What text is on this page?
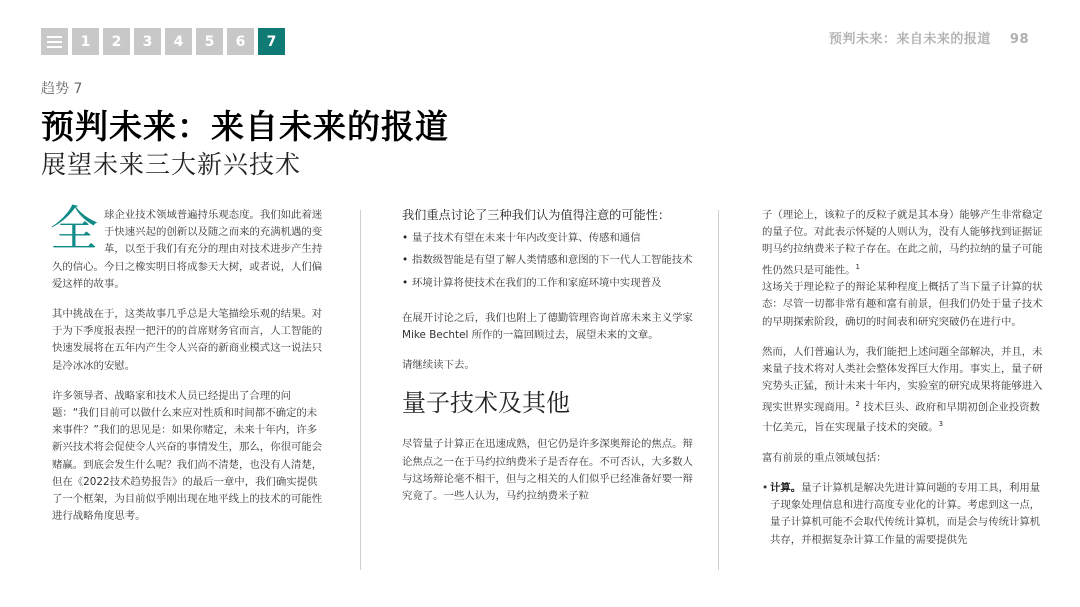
1	2	3	4	5	6	7	预判未来：来自未来的报道 98
趋势 7
预判未来：来自未来的报道
展望未来三大新兴技术

全球企业技术领域普遍持乐观态度。我们如此着迷于快速兴起的创新以及随之而来的充满机遇的变革，以至于我们有充分的理由对技术进步产生持久的信心。今日之橡实明日将成参天大树，或者说，人们偏爱这样的故事。

其中挑战在于，这类故事几乎总是大笔描绘乐观的结果。对于为下季度报表捏一把汗的的首席财务官而言，人工智能的快速发展将在五年内产生令人兴奋的新商业模式这一说法只是冷冰冰的安慰。

许多领导者、战略家和技术人员已经提出了合理的问题：“我们目前可以做什么来应对性质和时间都不确定的未来事件？”我们的思见是：如果你赌定，未来十年内，许多新兴技术将会促使令人兴奋的事情发生，那么，你很可能会赌赢。到底会发生什么呢？我们尚不清楚，也没有人清楚，但在《2022技术趋势报告》的最后一章中，我们确实提供了一个框架，为目前似乎刚出现在地平线上的技术的可能性进行战略角度思考。

我们重点讨论了三种我们认为值得注意的可能性：

• 量子技术有望在未来十年内改变计算、传感和通信
• 指数级智能是有望了解人类情感和意图的下一代人工智能技术
• 环境计算将使技术在我们的工作和家庭环境中实现普及

在展开讨论之后，我们也附上了德勤管理咨询首席未来主义学家 Mike Bechtel 所作的一篇回顾过去，展望未来的文章。

请继续读下去。

量子技术及其他

尽管量子计算正在迅速成熟，但它仍是许多深奥辩论的焦点。辩论焦点之一在于马约拉纳费米子是否存在。不可否认，大多数人与这场辩论毫不相干，但与之相关的人们似乎已经准备好要一辩究竟了。一些人认为，马约拉纳费米子粒

子（理论上，该粒子的反粒子就是其本身）能够产生非常稳定的量子位。对此表示怀疑的人则认为，没有人能够找到证据证明马约拉纳费米子粒子存在。在此之前，马约拉纳的量子可能性仍然只是可能性。$^1$
这场关于理论粒子的辩论某种程度上概括了当下量子计算的状态：尽管一切都非常有趣和富有前景，但我们仍处于量子技术的早期探索阶段，确切的时间表和研究突破仍在进行中。

然而，人们普遍认为，我们能把上述问题全部解决，并且，未来量子技术将对人类社会整体发挥巨大作用。事实上，量子研究势头正猛，预计未来十年内，实验室的研究成果将能够进入现实世界实现商用。$^2$ 技术巨头、政府和早期初创企业投资数十亿美元，旨在实现量子技术的突破。$^3$

富有前景的重点领域包括：

• 计算。量子计算机是解决先进计算问题的专用工具，利用量子现象处理信息和进行高度专业化的计算。考虑到这一点，量子计算机可能不会取代传统计算机，而是会与传统计算机共存，并根据复杂计算工作量的需要提供先
